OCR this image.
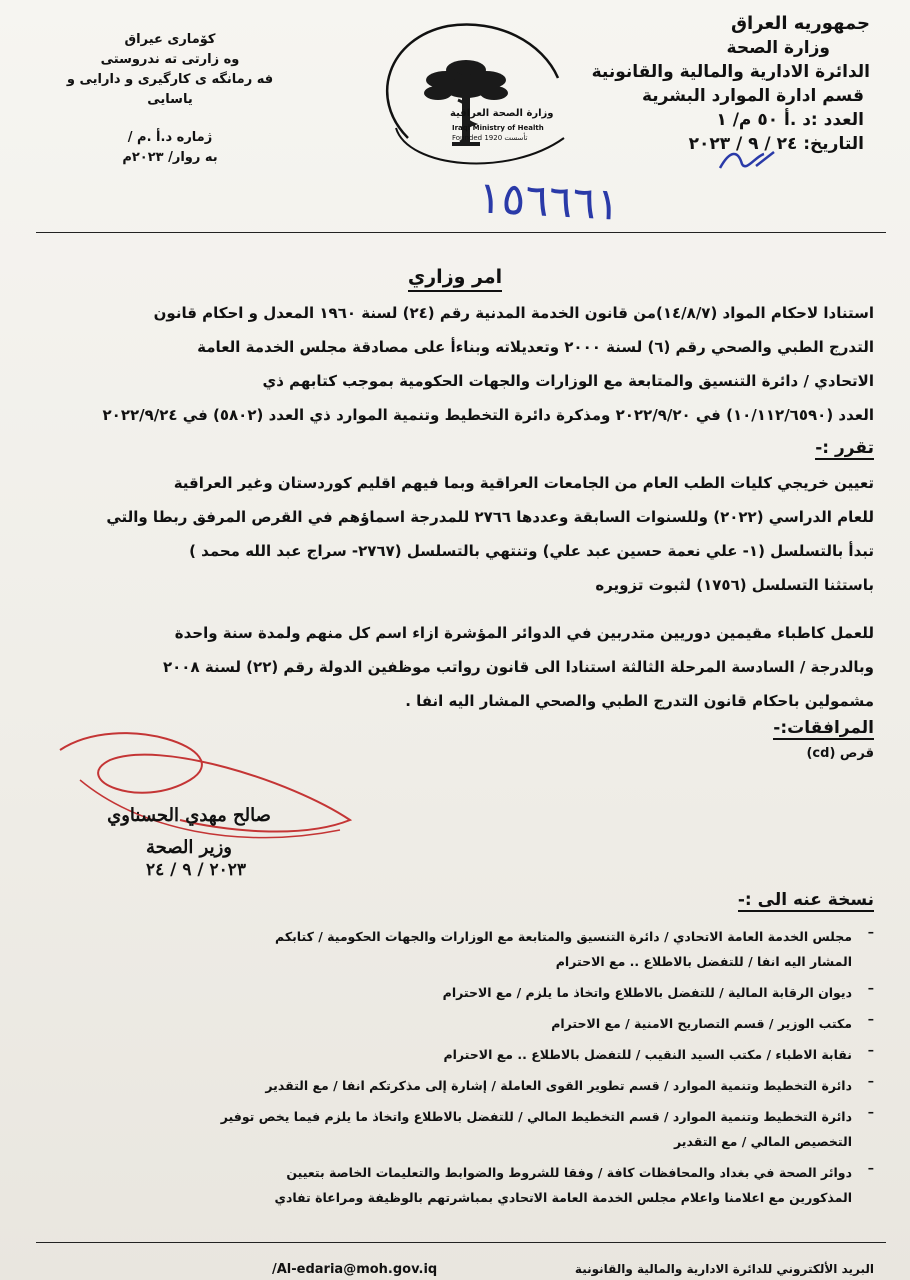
جمهوريه العراق
وزارة الصحة
الدائرة الادارية والمالية والقانونية
قسم ادارة الموارد البشرية
العدد :د .أ ٥٠ م/ ١
التاريخ: ٢٤ / ٩ / ٢٠٢٣
وزارة الصحة العراقية
Iraqi Ministry of Health
Founded 1920 تأسست
كۆماری عیراق
وه زارتی ته ندروستی
فه رمانگه ی کارگیری و دارایی و یاسایی
ژماره د.أ .م /
به روار/ ٢٠٢٣م
١٥٦٦٦١
امر وزاري
استنادا لاحكام المواد (١٤/٨/٧)من قانون الخدمة المدنية رقم (٢٤) لسنة ١٩٦٠ المعدل و احكام قانون
التدرج الطبي والصحي رقم (٦) لسنة ٢٠٠٠ وتعديلاته وبناءأ على مصادقة مجلس الخدمة العامة
الاتحادي / دائرة التنسيق والمتابعة مع الوزارات والجهات الحكومية بموجب كتابهم ذي
العدد (١٠/١١٢/٦٥٩٠) في ٢٠٢٢/٩/٢٠ ومذكرة دائرة التخطيط وتنمية الموارد ذي العدد (٥٨٠٢) في ٢٠٢٢/٩/٢٤
تقرر :-
تعيين خريجي كليات الطب العام من الجامعات العراقية وبما فيهم اقليم كوردستان وغير العراقية
للعام الدراسي (٢٠٢٢) وللسنوات السابقة وعددها ٢٧٦٦ للمدرجة اسماؤهم في القرص المرفق ربطا والتي
تبدأ بالتسلسل (١- علي نعمة حسين عبد علي) وتنتهي بالتسلسل (٢٧٦٧- سراج عبد الله محمد )
باستثنا التسلسل (١٧٥٦) لثبوت تزويره
للعمل كاطباء مقيمين دوريين متدربين في الدوائر المؤشرة ازاء اسم كل منهم ولمدة سنة واحدة
وبالدرجة / السادسة المرحلة الثالثة استنادا الى قانون رواتب موظفين الدولة رقم (٢٢) لسنة ٢٠٠٨
مشمولين باحكام قانون التدرج الطبي والصحي المشار اليه انفا .
المرافقات:-
قرص (cd)
صالح مهدي الحسناوي
وزير الصحة
٢٠٢٣ / ٩ / ٢٤
نسخة عنه الى :-
– مجلس الخدمة العامة الاتحادي / دائرة التنسيق والمتابعة مع الوزارات والجهات الحكومية / كتابكم
المشار اليه انفا / للتفضل بالاطلاع .. مع الاحترام
– ديوان الرقابة المالية / للتفضل بالاطلاع واتخاذ ما يلزم / مع الاحترام
– مكتب الوزير / قسم التصاريح الامنية / مع الاحترام
– نقابة الاطباء / مكتب السيد النقيب / للتفضل بالاطلاع .. مع الاحترام
– دائرة التخطيط وتنمية الموارد / قسم تطوير القوى العاملة / إشارة إلى مذكرتكم انفا / مع التقدير
– دائرة التخطيط وتنمية الموارد / قسم التخطيط المالي / للتفضل بالاطلاع واتخاذ ما يلزم فيما يخص توفير
التخصيص المالي / مع التقدير
– دوائر الصحة في بغداد والمحافظات كافة / وفقا للشروط والضوابط والتعليمات الخاصة بتعيين
المذكورين مع اعلامنا واعلام مجلس الخدمة العامة الاتحادي بمباشرتهم بالوظيفة ومراعاة تفادي
البريد الألكتروني للدائرة الادارية والمالية والقانونية
/Al-edaria@moh.gov.iq
